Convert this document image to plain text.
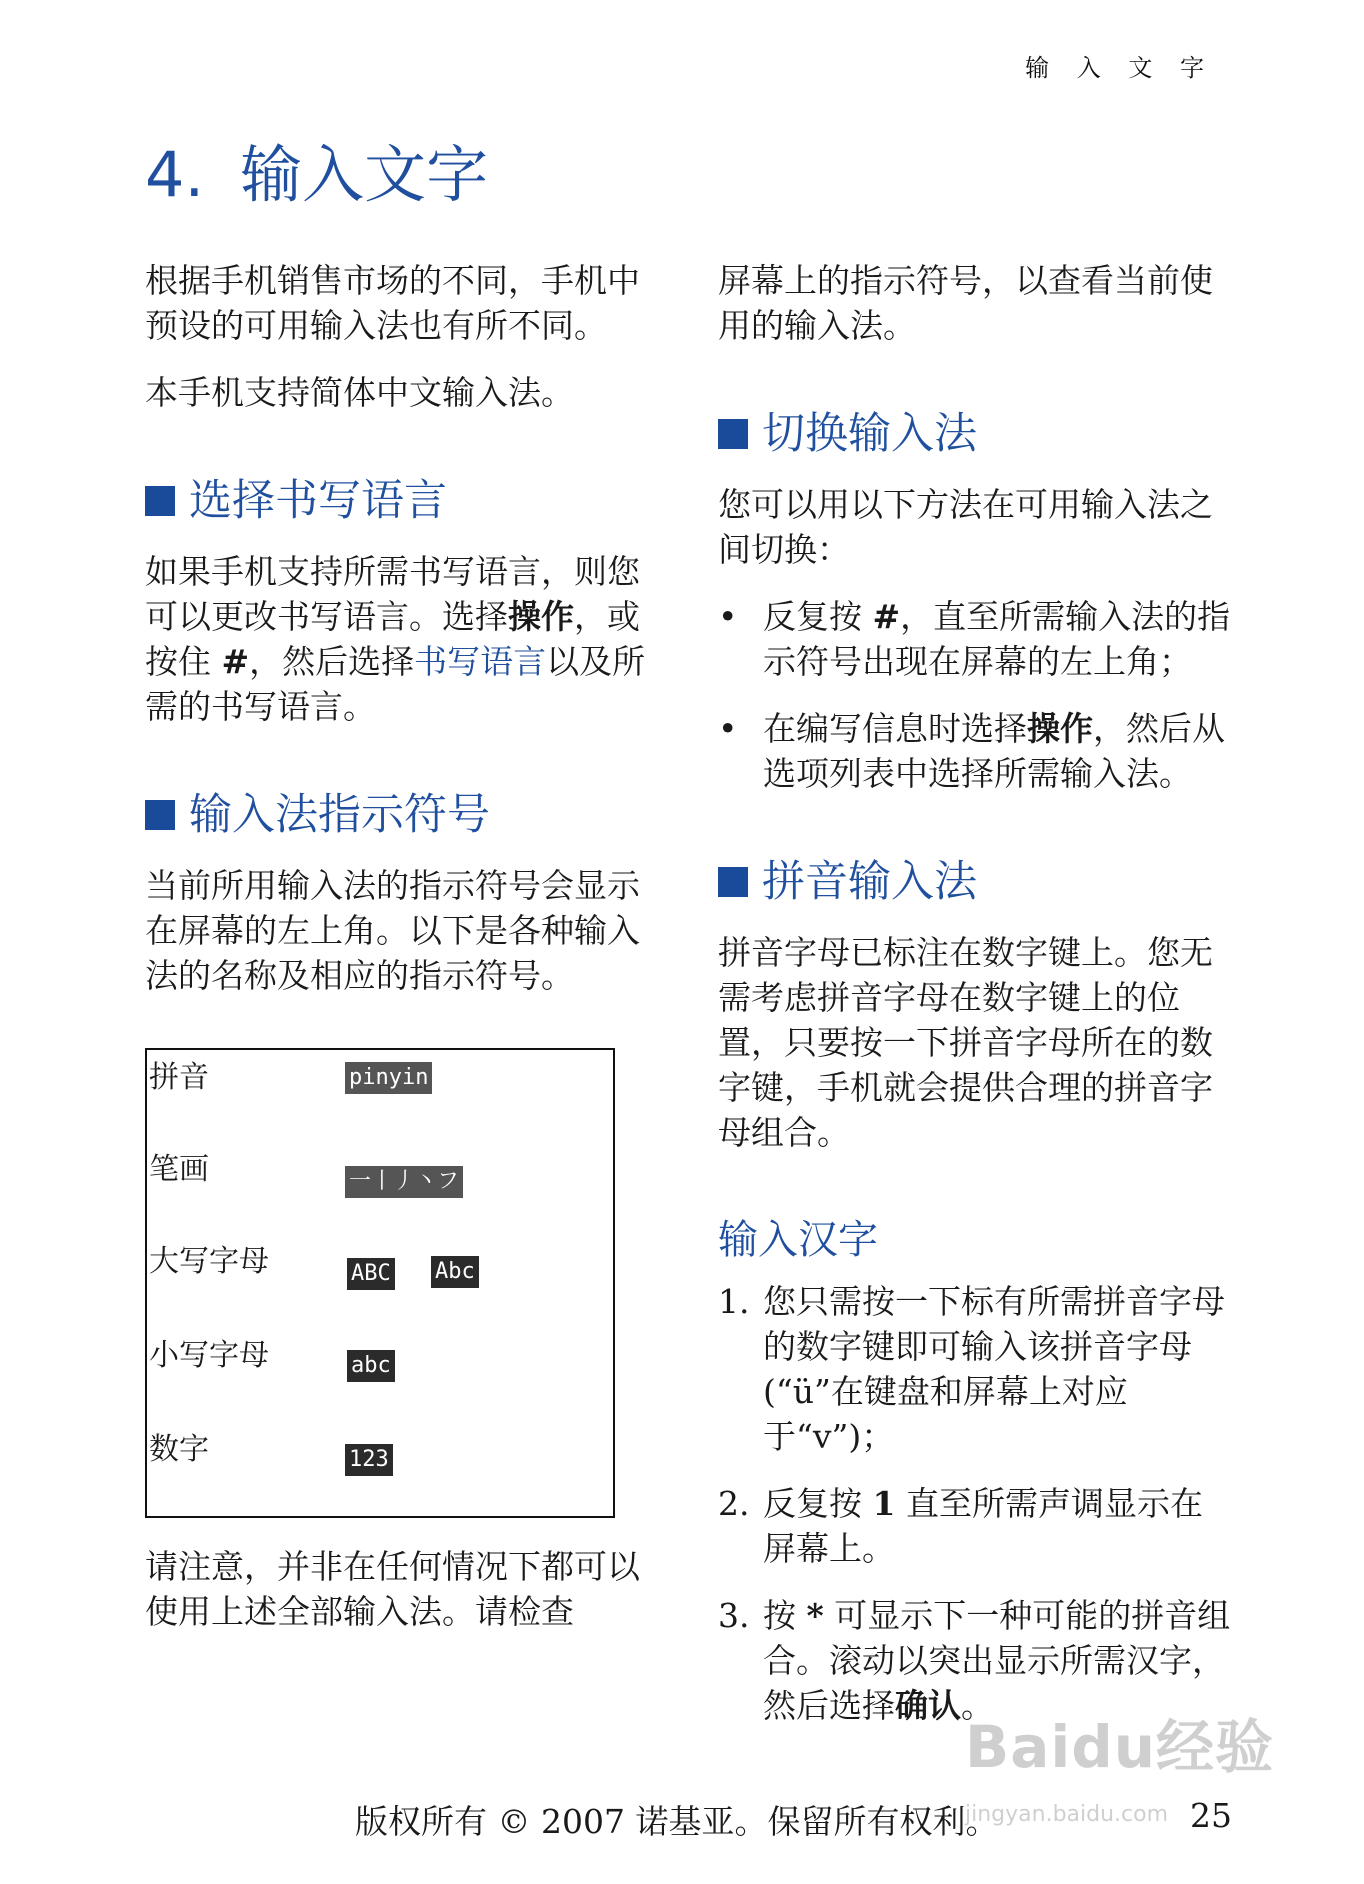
输 入 文 字
4. 输入文字

根据手机销售市场的不同，手机中预设的可用输入法也有所不同。

本手机支持简体中文输入法。

选择书写语言

如果手机支持所需书写语言，则您可以更改书写语言。选择操作，或按住 #，然后选择书写语言以及所需的书写语言。

输入法指示符号

当前所用输入法的指示符号会显示在屏幕的左上角。以下是各种输入法的名称及相应的指示符号。

拼音	pinyin
笔画	一丨丿丶フ
大写字母	ABC Abc
小写字母	abc
数字	123

请注意，并非在任何情况下都可以使用上述全部输入法。请检查

屏幕上的指示符号，以查看当前使用的输入法。

切换输入法

您可以用以下方法在可用输入法之间切换：

• 反复按 #，直至所需输入法的指示符号出现在屏幕的左上角；
• 在编写信息时选择操作，然后从选项列表中选择所需输入法。
拼音输入法

拼音字母已标注在数字键上。您无需考虑拼音字母在数字键上的位置，只要按一下拼音字母所在的数字键，手机就会提供合理的拼音字母组合。

输入汉字
1. 您只需按一下标有所需拼音字母的数字键即可输入该拼音字母 (“ü”在键盘和屏幕上对应于“v”)；
2. 反复按 1 直至所需声调显示在屏幕上。
3. 按 * 可显示下一种可能的拼音组合。滚动以突出显示所需汉字，然后选择确认。
Baidu经验
jingyan.baidu.com
版权所有 © 2007 诺基亚。保留所有权利。	25
